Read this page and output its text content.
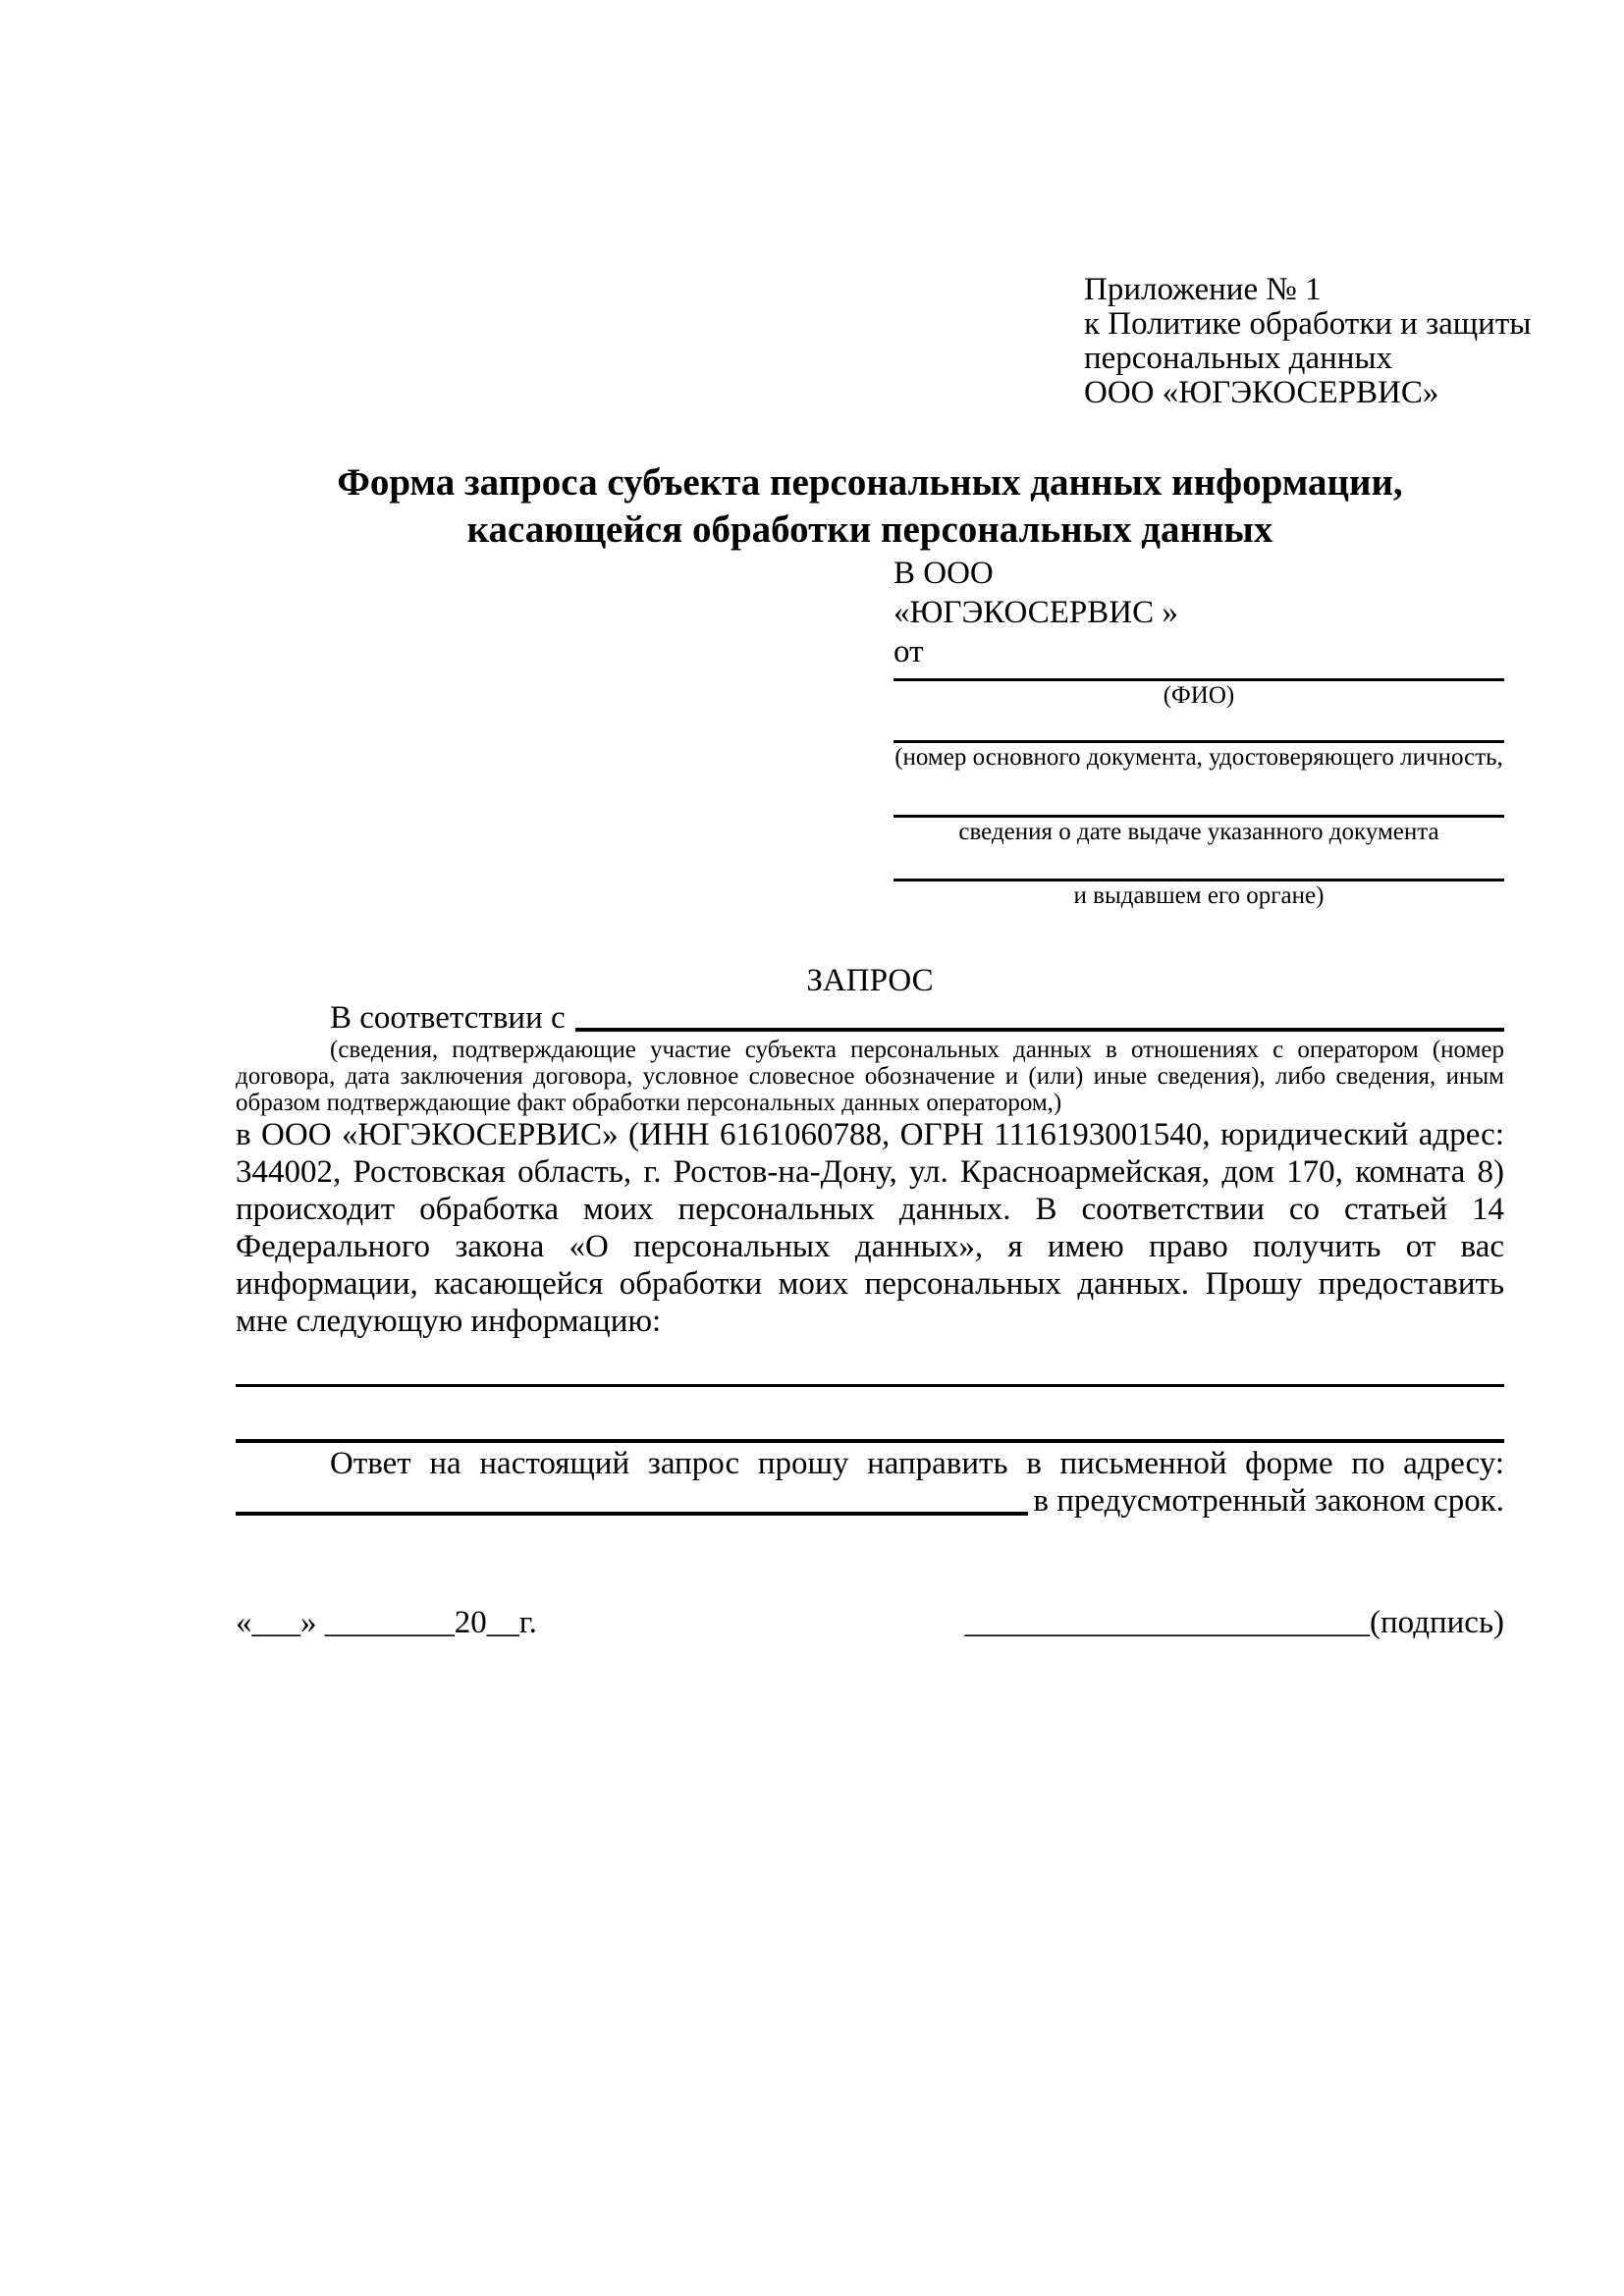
Приложение № 1
к Политике обработки и защиты
персональных данных
ООО «ЮГЭКОСЕРВИС»
Форма запроса субъекта персональных данных информации,
касающейся обработки персональных данных
В ООО
«ЮГЭКОСЕРВИС »
от
(ФИО)
(номер основного документа, удостоверяющего личность,
сведения о дате выдаче указанного документа
и выдавшем его органе)
ЗАПРОС
В соответствии с
(сведения, подтверждающие участие субъекта персональных данных в отношениях с оператором (номер договора, дата заключения договора, условное словесное обозначение и (или) иные сведения), либо сведения, иным образом подтверждающие факт обработки персональных данных оператором,)
в ООО «ЮГЭКОСЕРВИС» (ИНН 6161060788, ОГРН 1116193001540, юридический адрес: 344002, Ростовская область, г. Ростов-на-Дону, ул. Красноармейская, дом 170, комната 8) происходит обработка моих персональных данных. В соответствии со статьей 14 Федерального закона «О персональных данных», я имею право получить от вас информации, касающейся обработки моих персональных данных. Прошу предоставить мне следующую информацию:
Ответ на настоящий запрос прошу направить в письменной форме по адресу:
в предусмотренный законом срок.
«___» ________20__г.	_________________________(подпись)
